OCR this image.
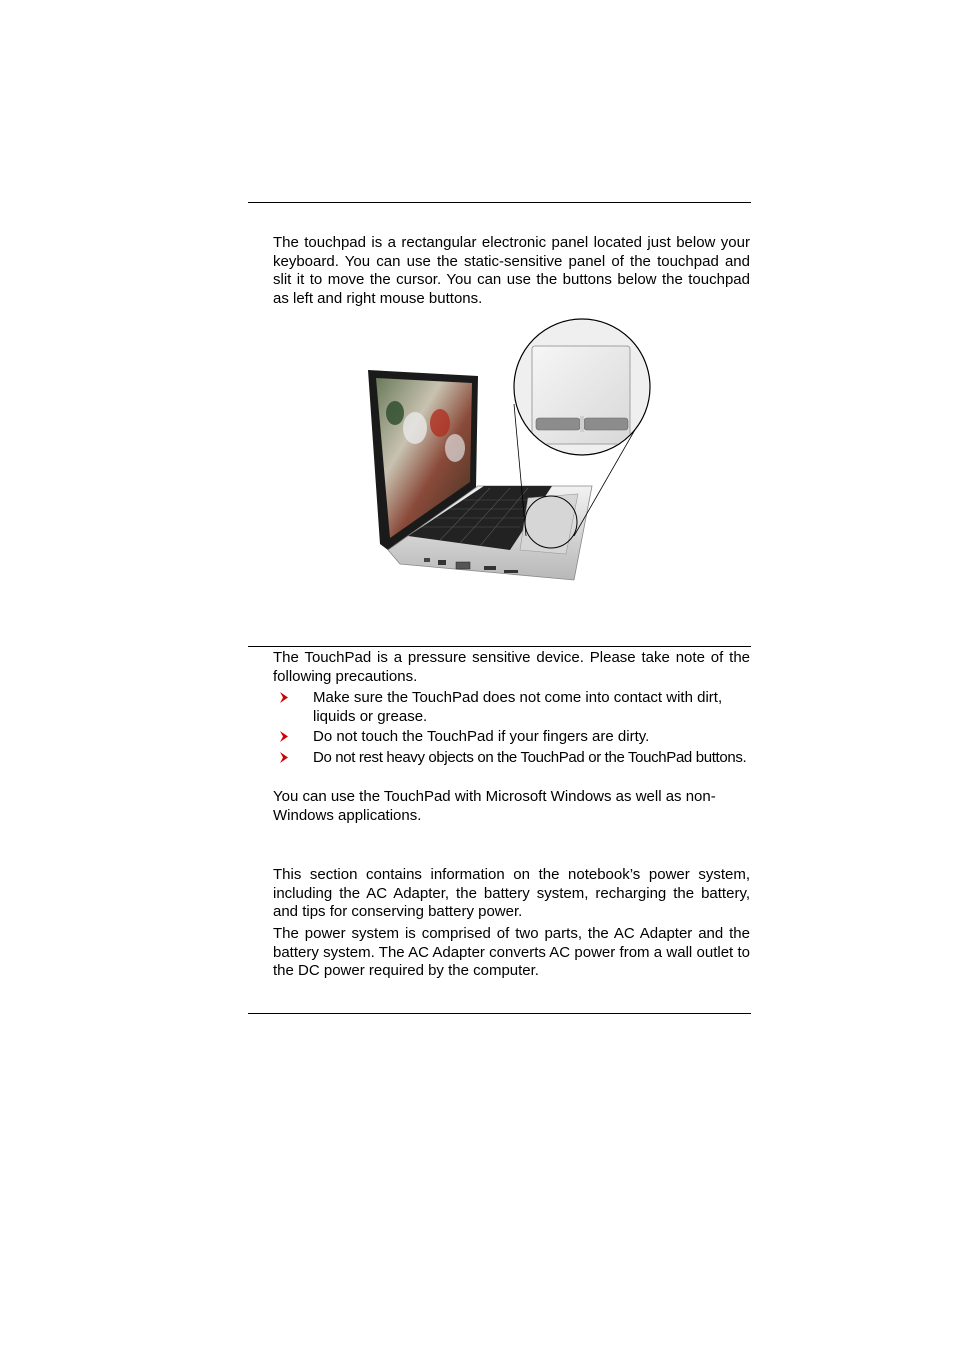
The touchpad is a rectangular electronic panel located just below your keyboard. You can use the static-sensitive panel of the touchpad and slit it to move the cursor. You can use the buttons below the touchpad as left and right mouse buttons.

The TouchPad is a pressure sensitive device. Please take note of the following precautions.

Make sure the TouchPad does not come into contact with dirt, liquids or grease.
Do not touch the TouchPad if your fingers are dirty.
Do not rest heavy objects on the TouchPad or the TouchPad buttons.

You can use the TouchPad with Microsoft Windows as well as non-Windows applications.

This section contains information on the notebook’s power system, including the AC Adapter, the battery system, recharging the battery, and tips for conserving battery power.

The power system is comprised of two parts, the AC Adapter and the battery system. The AC Adapter converts AC power from a wall outlet to the DC power required by the computer.
